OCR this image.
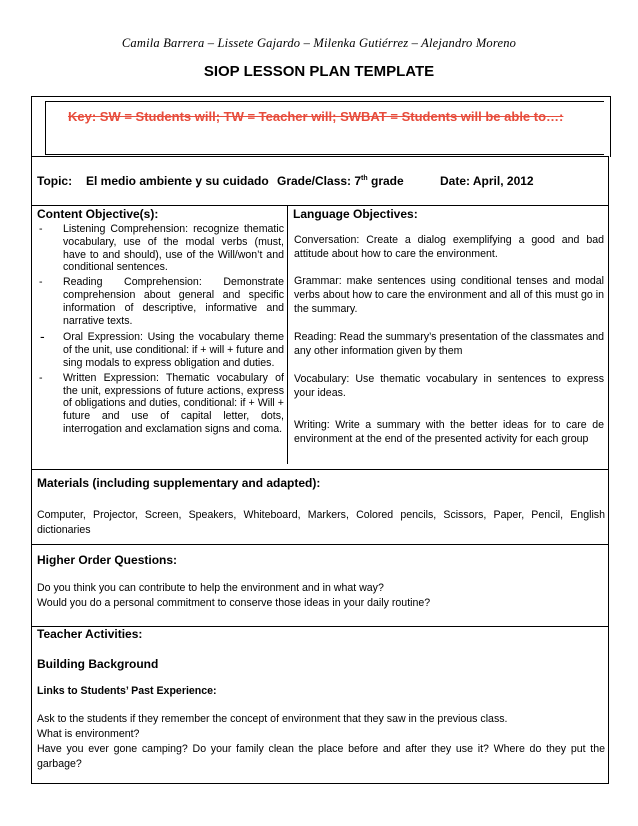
Camila Barrera – Lissete Gajardo – Milenka Gutiérrez – Alejandro Moreno
SIOP LESSON PLAN TEMPLATE
Key: SW = Students will; TW = Teacher will; SWBAT = Students will be able to…:
Topic: El medio ambiente y su cuidado Grade/Class: 7th grade	Date: April, 2012
Content Objective(s):
- Listening Comprehension: recognize thematic vocabulary, use of the modal verbs (must, have to and should), use of the Will/won’t and conditional sentences.
- Reading Comprehension: Demonstrate comprehension about general and specific information of descriptive, informative and narrative texts.
- Oral Expression: Using the vocabulary theme of the unit, use conditional: if + will + future and sing modals to express obligation and duties.
- Written Expression: Thematic vocabulary of the unit, expressions of future actions, express of obligations and duties, conditional: if + Will + future and use of capital letter, dots, interrogation and exclamation signs and coma.
Language Objectives:

Conversation: Create a dialog exemplifying a good and bad attitude about how to care the environment.

Grammar: make sentences using conditional tenses and modal verbs about how to care the environment and all of this must go in the summary.

Reading: Read the summary’s presentation of the classmates and any other information given by them

Vocabulary: Use thematic vocabulary in sentences to express your ideas.

Writing: Write a summary with the better ideas for to care de environment at the end of the presented activity for each group

Materials (including supplementary and adapted):

Computer, Projector, Screen, Speakers, Whiteboard, Markers, Colored pencils, Scissors, Paper, Pencil, English dictionaries

Higher Order Questions:

Do you think you can contribute to help the environment and in what way?

Would you do a personal commitment to conserve those ideas in your daily routine?

Teacher Activities:
Building Background
Links to Students’ Past Experience:

Ask to the students if they remember the concept of environment that they saw in the previous class.

What is environment?

Have you ever gone camping? Do your family clean the place before and after they use it? Where do they put the garbage?
